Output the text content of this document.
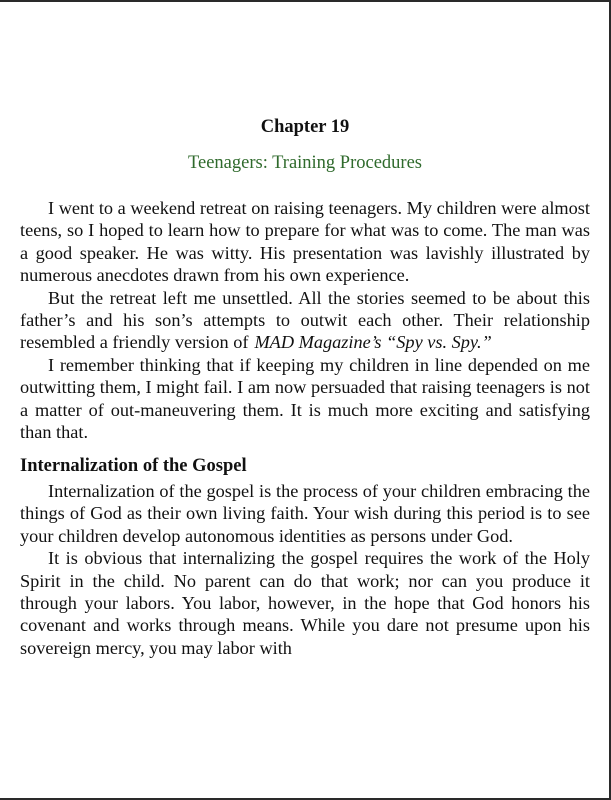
Chapter 19
Teenagers: Training Procedures

I went to a weekend retreat on raising teenagers. My children were almost teens, so I hoped to learn how to prepare for what was to come. The man was a good speaker. He was witty. His presentation was lavishly illustrated by numerous anecdotes drawn from his own experience.

But the retreat left me unsettled. All the stories seemed to be about this father’s and his son’s attempts to outwit each other. Their relationship resembled a friendly version of MAD Magazine’s “Spy vs. Spy.”

I remember thinking that if keeping my children in line depended on me outwitting them, I might fail. I am now persuaded that raising teenagers is not a matter of out-maneuvering them. It is much more exciting and satisfying than that.

Internalization of the Gospel

Internalization of the gospel is the process of your children embracing the things of God as their own living faith. Your wish during this period is to see your children develop autonomous identities as persons under God.

It is obvious that internalizing the gospel requires the work of the Holy Spirit in the child. No parent can do that work; nor can you produce it through your labors. You labor, however, in the hope that God honors his covenant and works through means. While you dare not presume upon his sovereign mercy, you may labor with
